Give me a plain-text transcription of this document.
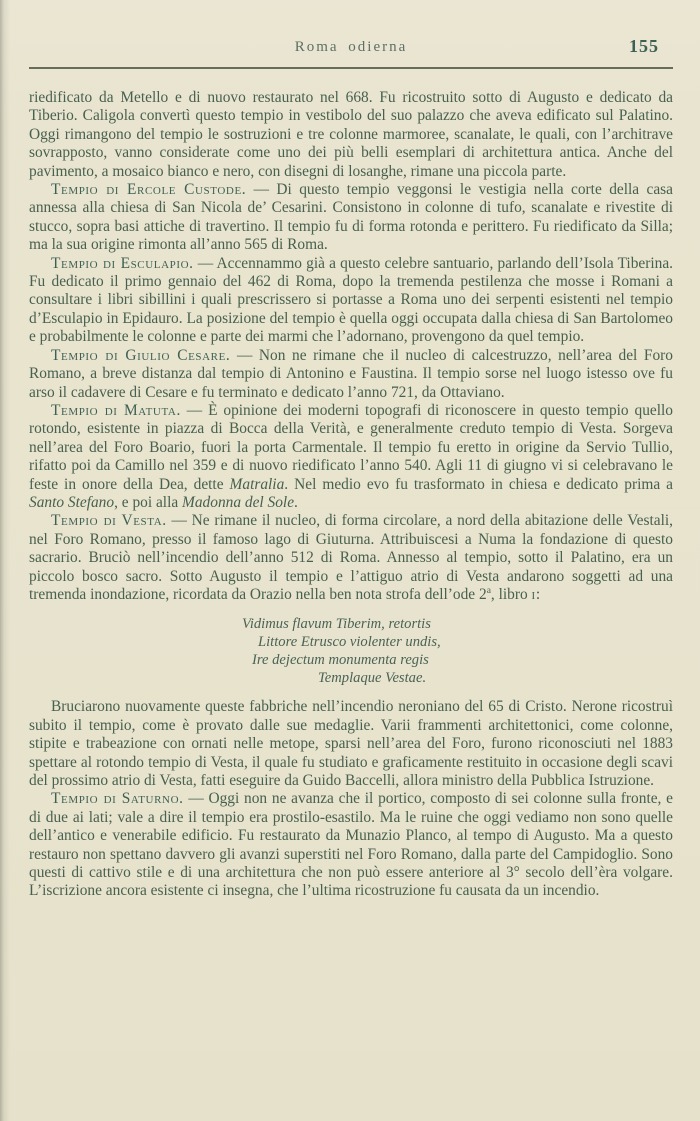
Roma odierna	155

riedificato da Metello e di nuovo restaurato nel 668. Fu ricostruito sotto di Augusto e dedicato da Tiberio. Caligola convertì questo tempio in vestibolo del suo palazzo che aveva edificato sul Palatino. Oggi rimangono del tempio le sostruzioni e tre colonne marmoree, scanalate, le quali, con l’architrave sovrapposto, vanno considerate come uno dei più belli esemplari di architettura antica. Anche del pavimento, a mosaico bianco e nero, con disegni di losanghe, rimane una piccola parte.

Tempio di Ercole Custode. — Di questo tempio veggonsi le vestigia nella corte della casa annessa alla chiesa di San Nicola de’ Cesarini. Consistono in colonne di tufo, scanalate e rivestite di stucco, sopra basi attiche di travertino. Il tempio fu di forma rotonda e perittero. Fu riedificato da Silla; ma la sua origine rimonta all’anno 565 di Roma.

Tempio di Esculapio. — Accennammo già a questo celebre santuario, parlando dell’Isola Tiberina. Fu dedicato il primo gennaio del 462 di Roma, dopo la tremenda pestilenza che mosse i Romani a consultare i libri sibillini i quali prescrissero si portasse a Roma uno dei serpenti esistenti nel tempio d’Esculapio in Epidauro. La posizione del tempio è quella oggi occupata dalla chiesa di San Bartolomeo e probabilmente le colonne e parte dei marmi che l’adornano, provengono da quel tempio.

Tempio di Giulio Cesare. — Non ne rimane che il nucleo di calcestruzzo, nell’area del Foro Romano, a breve distanza dal tempio di Antonino e Faustina. Il tempio sorse nel luogo istesso ove fu arso il cadavere di Cesare e fu terminato e dedicato l’anno 721, da Ottaviano.

Tempio di Matuta. — È opinione dei moderni topografi di riconoscere in questo tempio quello rotondo, esistente in piazza di Bocca della Verità, e generalmente creduto tempio di Vesta. Sorgeva nell’area del Foro Boario, fuori la porta Carmentale. Il tempio fu eretto in origine da Servio Tullio, rifatto poi da Camillo nel 359 e di nuovo riedificato l’anno 540. Agli 11 di giugno vi si celebravano le feste in onore della Dea, dette Matralia. Nel medio evo fu trasformato in chiesa e dedicato prima a Santo Stefano, e poi alla Madonna del Sole.

Tempio di Vesta. — Ne rimane il nucleo, di forma circolare, a nord della abitazione delle Vestali, nel Foro Romano, presso il famoso lago di Giuturna. Attribuiscesi a Numa la fondazione di questo sacrario. Bruciò nell’incendio dell’anno 512 di Roma. Annesso al tempio, sotto il Palatino, era un piccolo bosco sacro. Sotto Augusto il tempio e l’attiguo atrio di Vesta andarono soggetti ad una tremenda inondazione, ricordata da Orazio nella ben nota strofa dell’ode 2$^a$, libro i:

Vidimus flavum Tiberim, retortis
Littore Etrusco violenter undis,
Ire dejectum monumenta regis
Templaque Vestae.

Bruciarono nuovamente queste fabbriche nell’incendio neroniano del 65 di Cristo. Nerone ricostruì subito il tempio, come è provato dalle sue medaglie. Varii frammenti architettonici, come colonne, stipite e trabeazione con ornati nelle metope, sparsi nell’area del Foro, furono riconosciuti nel 1883 spettare al rotondo tempio di Vesta, il quale fu studiato e graficamente restituito in occasione degli scavi del prossimo atrio di Vesta, fatti eseguire da Guido Baccelli, allora ministro della Pubblica Istruzione.

Tempio di Saturno. — Oggi non ne avanza che il portico, composto di sei colonne sulla fronte, e di due ai lati; vale a dire il tempio era prostilo-esastilo. Ma le ruine che oggi vediamo non sono quelle dell’antico e venerabile edificio. Fu restaurato da Munazio Planco, al tempo di Augusto. Ma a questo restauro non spettano davvero gli avanzi superstiti nel Foro Romano, dalla parte del Campidoglio. Sono questi di cattivo stile e di una architettura che non può essere anteriore al 3° secolo dell’èra volgare. L’iscrizione ancora esistente ci insegna, che l’ultima ricostruzione fu causata da un incendio.
